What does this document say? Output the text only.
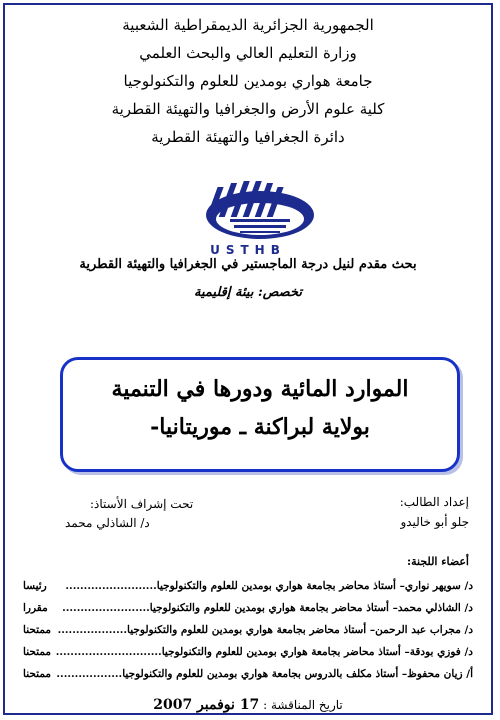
الجمهورية الجزائرية الديمقراطية الشعبية
وزارة التعليم العالي والبحث العلمي
جامعة هواري بومدين للعلوم والتكنولوجيا
كلية علوم الأرض والجغرافيا والتهيئة القطرية
دائرة الجغرافيا والتهيئة القطرية
USTHB
بحث مقدم لنيل درجة الماجستير في الجغرافيا والتهيئة القطرية
تخصص: بيئة إقليمية
الموارد المائية ودورها في التنمية
بولاية لبراكنة ـ موريتانيا-
تحت إشراف الأستاذ:
د/ الشاذلي محمد
إعداد الطالب:
جلو أبو خاليدو
أعضاء اللجنة:
د/ سويهر نواري– أستاذ محاضر بجامعة هواري بومدين للعلوم والتكنولوجيا.........................
رئيسا
د/ الشاذلي محمد– أستاذ محاضر بجامعة هواري بومدين للعلوم والتكنولوجيا........................
مقررا
د/ مجراب عبد الرحمن– أستاذ محاضر بجامعة هواري بومدين للعلوم والتكنولوجيا...................
ممتحنا
د/ فوزي بودقة– أستاذ محاضر بجامعة هواري بومدين للعلوم والتكنولوجيا.............................
ممتحنا
أ/ زيان محفوظ– أستاذ مكلف بالدروس بجامعة هواري بومدين للعلوم والتكنولوجيا..................
ممتحنا
تاريخ المناقشة : 17 نوفمبر 2007
